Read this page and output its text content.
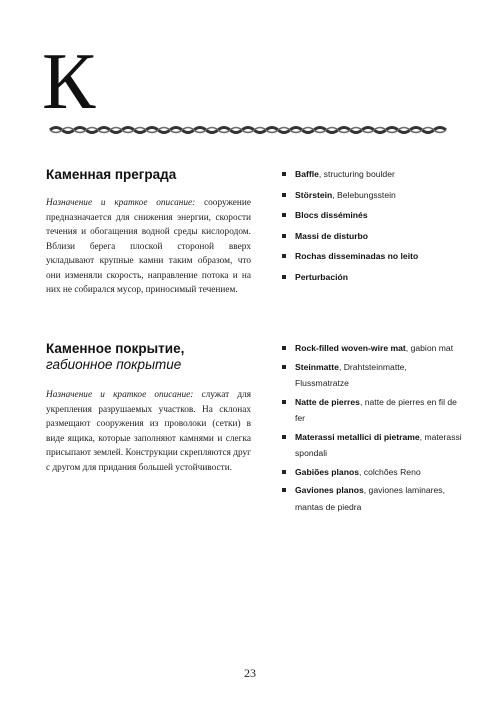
К
Каменная преграда

Назначение и краткое описание: сооружение предназначается для снижения энергии, скорости течения и обогащения водной среды кислородом. Вблизи берега плоской стороной вверх укладывают крупные камни таким образом, что они изменяли скорость, направление потока и на них не собирался мусор, приносимый течением.

Baffle, structuring boulder
Störstein, Belebungsstein
Blocs disséminés
Massi de disturbo
Rochas disseminadas no leito
Perturbación
Каменное покрытие,

габионное покрытие

Назначение и краткое описание: служат для укрепления разрушаемых участков. На склонах размещают сооружения из проволоки (сетки) в виде ящика, которые заполняют камнями и слегка присыпают землей. Конструкции скрепляются друг с другом для придания большей устойчивости.

Rock-filled woven-wire mat, gabion mat
Steinmatte, Drahtsteinmatte, Flussmatratze
Natte de pierres, natte de pierres en fil de fer
Materassi metallici di pietrame, materassi spondali
Gabiões planos, colchões Reno
Gaviones planos, gaviones laminares, mantas de piedra
23
